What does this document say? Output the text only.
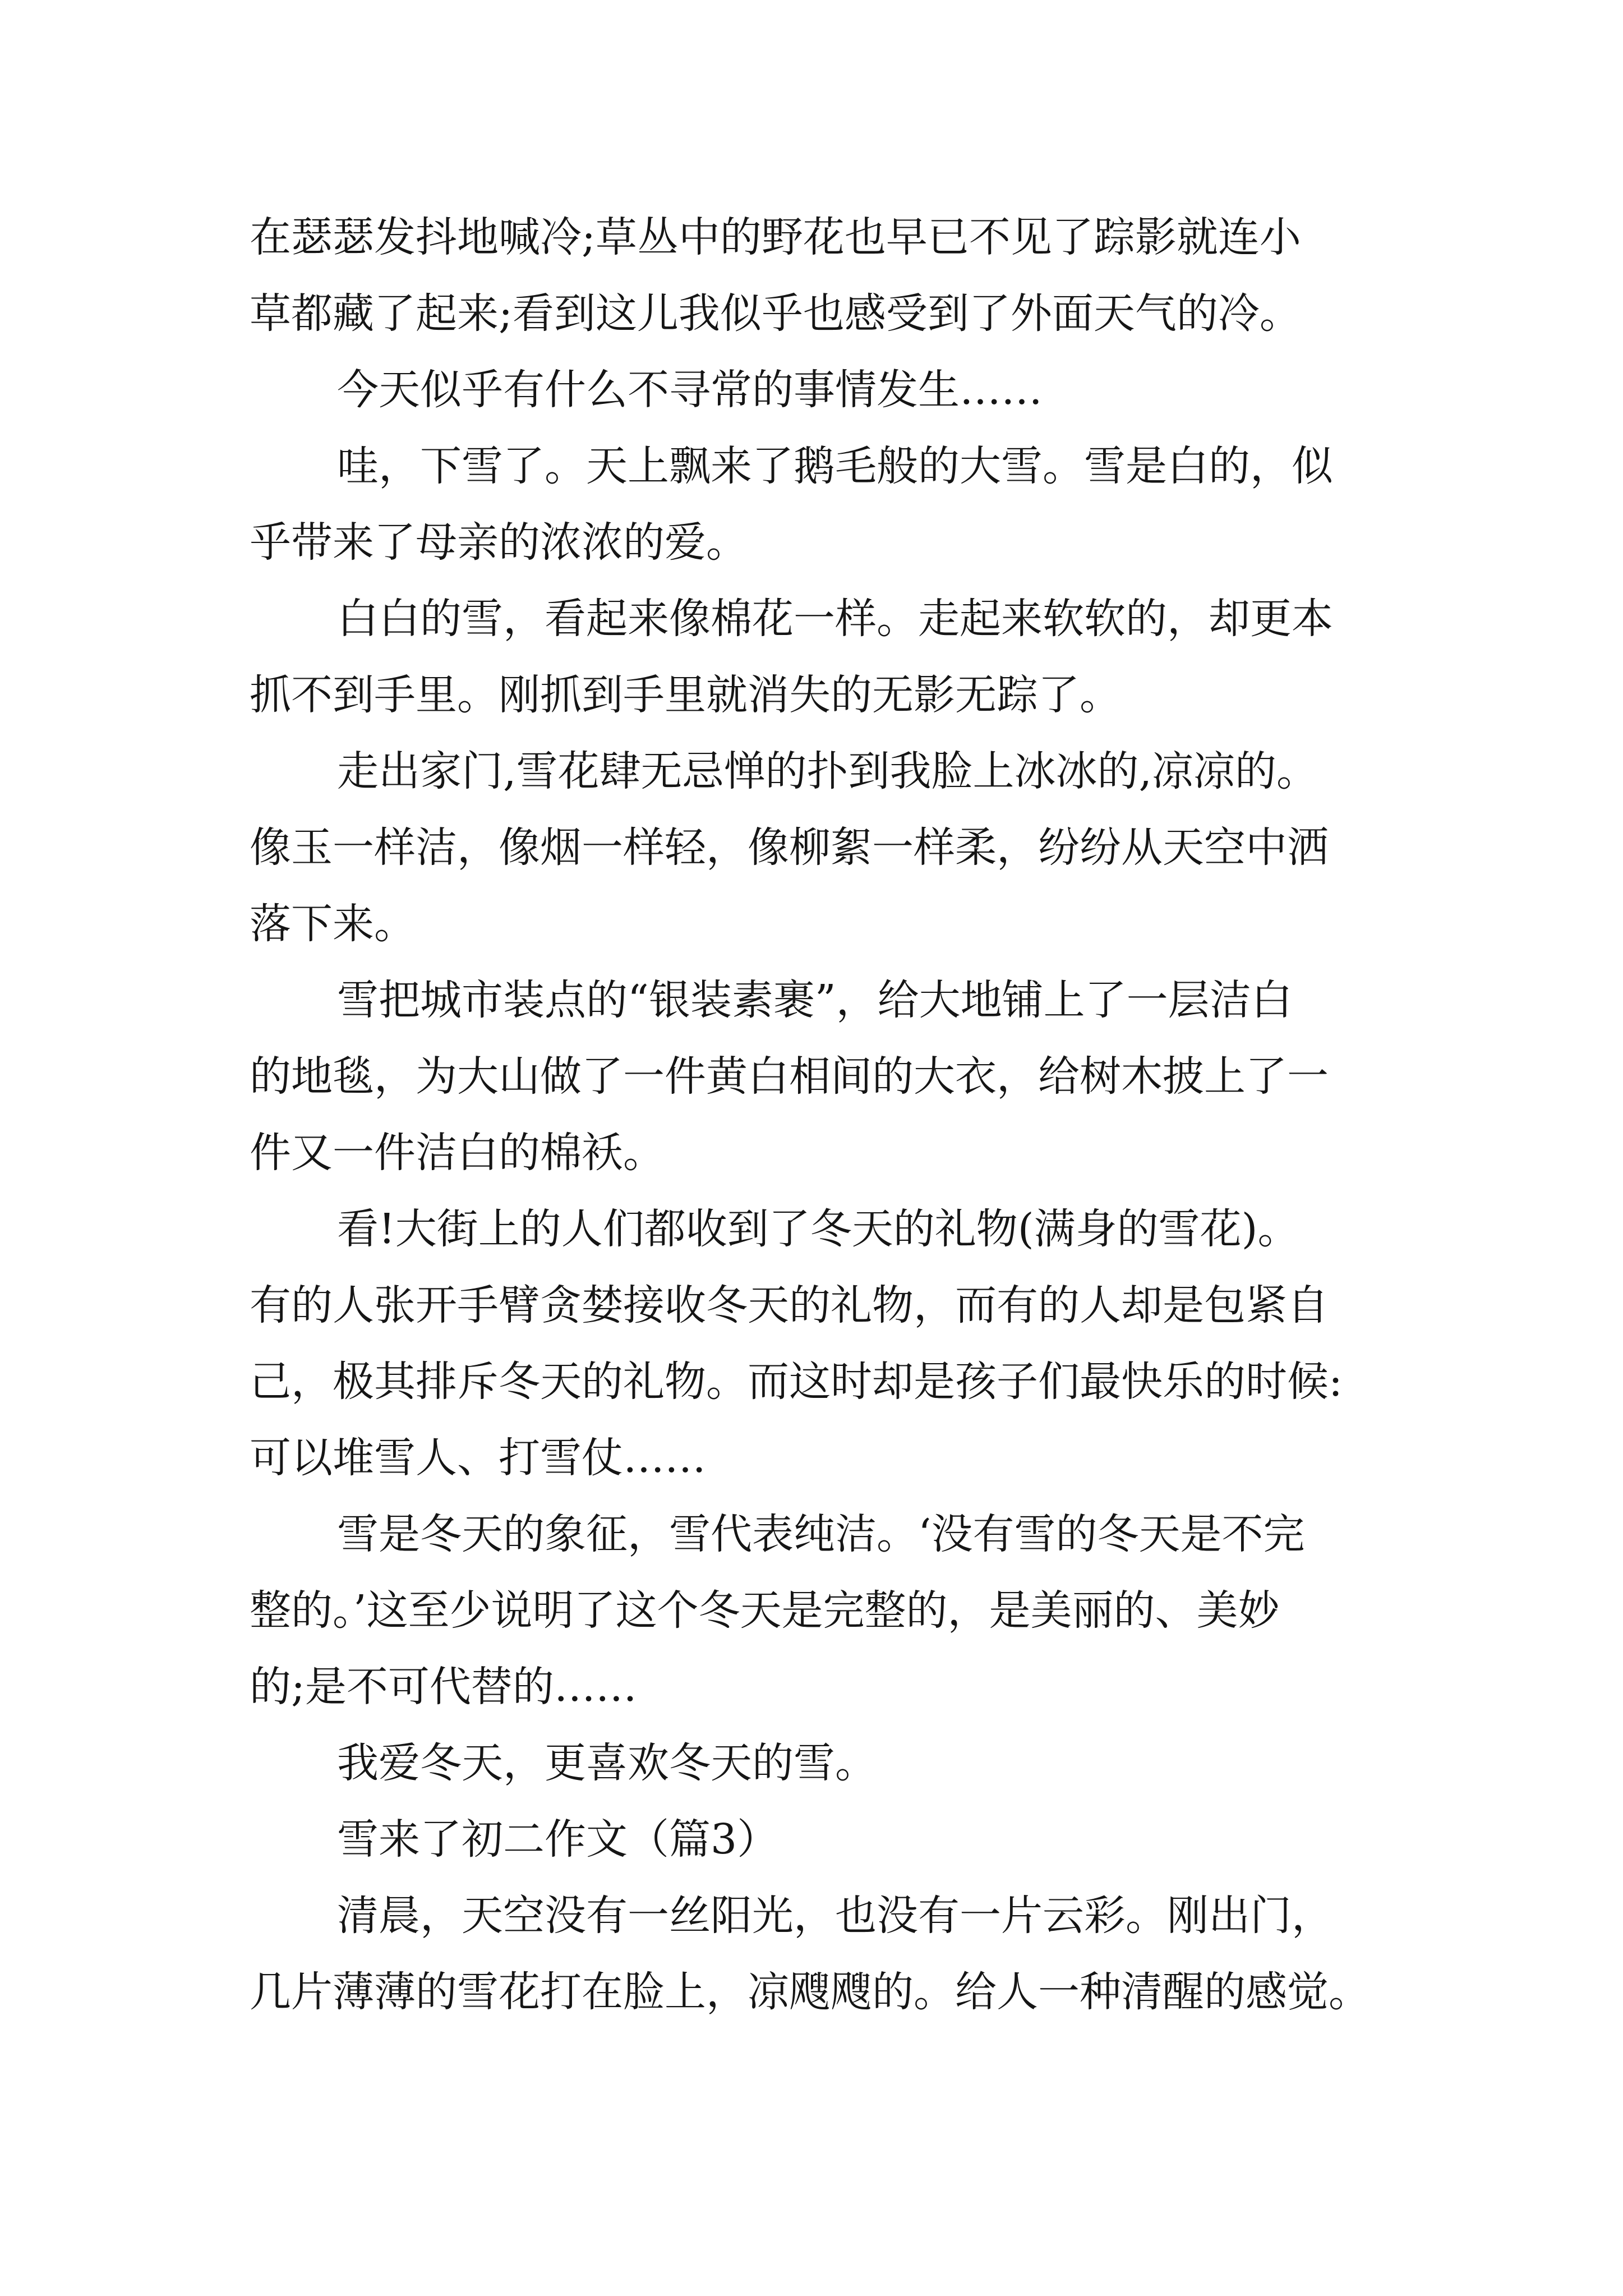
在瑟瑟发抖地喊冷;草丛中的野花也早已不见了踪影就连小
草都藏了起来;看到这儿我似乎也感受到了外面天气的冷。
今天似乎有什么不寻常的事情发生……
哇，下雪了。天上飘来了鹅毛般的大雪。雪是白的，似
乎带来了母亲的浓浓的爱。
白白的雪，看起来像棉花一样。走起来软软的，却更本
抓不到手里。刚抓到手里就消失的无影无踪了。
走出家门,雪花肆无忌惮的扑到我脸上冰冰的,凉凉的。
像玉一样洁，像烟一样轻，像柳絮一样柔，纷纷从天空中洒
落下来。
雪把城市装点的“银装素裹”，给大地铺上了一层洁白
的地毯，为大山做了一件黄白相间的大衣，给树木披上了一
件又一件洁白的棉袄。
看!大街上的人们都收到了冬天的礼物(满身的雪花)。
有的人张开手臂贪婪接收冬天的礼物，而有的人却是包紧自
己，极其排斥冬天的礼物。而这时却是孩子们最快乐的时候:
可以堆雪人、打雪仗……
雪是冬天的象征，雪代表纯洁。‘没有雪的冬天是不完
整的。’这至少说明了这个冬天是完整的，是美丽的、美妙
的;是不可代替的……
我爱冬天，更喜欢冬天的雪。
雪来了初二作文（篇3）
清晨，天空没有一丝阳光，也没有一片云彩。刚出门，
几片薄薄的雪花打在脸上，凉飕飕的。给人一种清醒的感觉。
